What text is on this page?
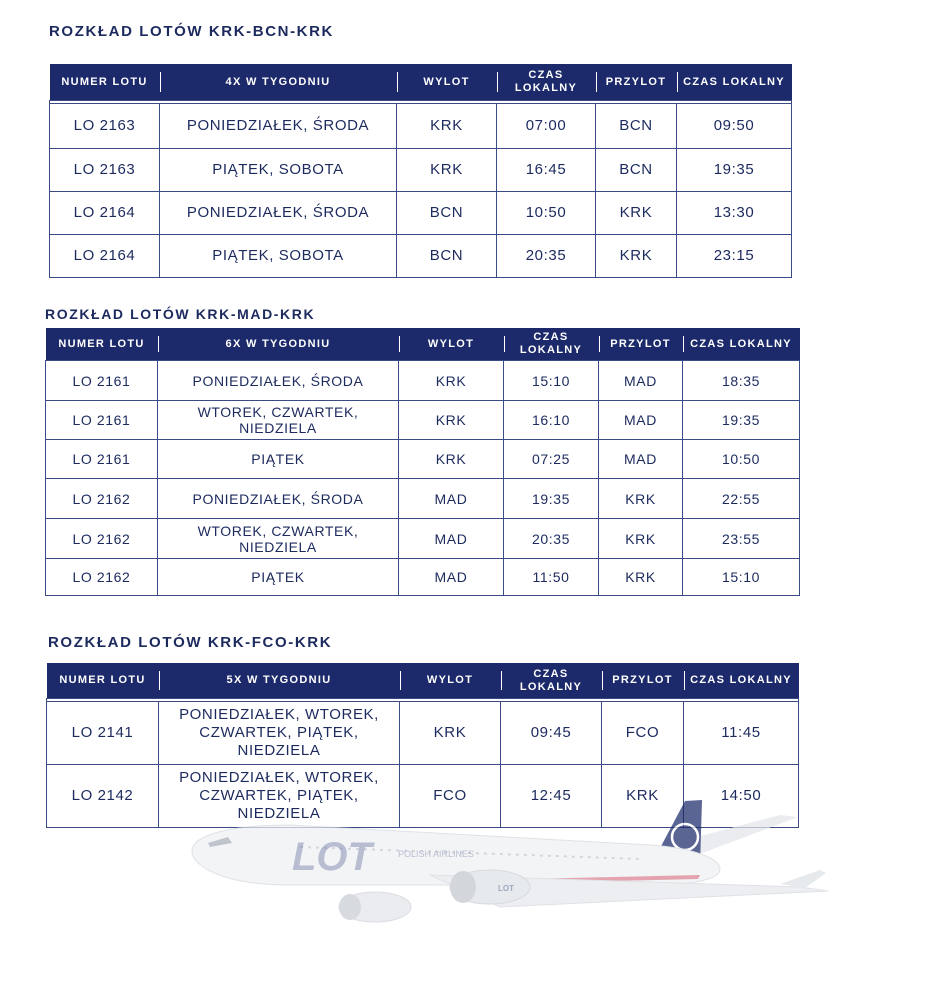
ROZKŁAD LOTÓW KRK-BCN-KRK
NUMER LOTU	4X W TYGODNIU	WYLOT	CZAS LOKALNY	PRZYLOT	CZAS LOKALNY

LO 2163	PONIEDZIAŁEK, ŚRODA	KRK	07:00	BCN	09:50
LO 2163	PIĄTEK, SOBOTA	KRK	16:45	BCN	19:35
LO 2164	PONIEDZIAŁEK, ŚRODA	BCN	10:50	KRK	13:30
LO 2164	PIĄTEK, SOBOTA	BCN	20:35	KRK	23:15
ROZKŁAD LOTÓW KRK-MAD-KRK
NUMER LOTU	6X W TYGODNIU	WYLOT	CZAS LOKALNY	PRZYLOT	CZAS LOKALNY
LO 2161	PONIEDZIAŁEK, ŚRODA	KRK	15:10	MAD	18:35
LO 2161	WTOREK, CZWARTEK, NIEDZIELA	KRK	16:10	MAD	19:35
LO 2161	PIĄTEK	KRK	07:25	MAD	10:50
LO 2162	PONIEDZIAŁEK, ŚRODA	MAD	19:35	KRK	22:55
LO 2162	WTOREK, CZWARTEK, NIEDZIELA	MAD	20:35	KRK	23:55
LO 2162	PIĄTEK	MAD	11:50	KRK	15:10
ROZKŁAD LOTÓW KRK-FCO-KRK
NUMER LOTU	5X W TYGODNIU	WYLOT	CZAS LOKALNY	PRZYLOT	CZAS LOKALNY

LO 2141	PONIEDZIAŁEK, WTOREK, CZWARTEK, PIĄTEK, NIEDZIELA	KRK	09:45	FCO	11:45
LO 2142	PONIEDZIAŁEK, WTOREK, CZWARTEK, PIĄTEK, NIEDZIELA	FCO	12:45	KRK	14:50
LOT	POLISH AIRLINES
LOT
